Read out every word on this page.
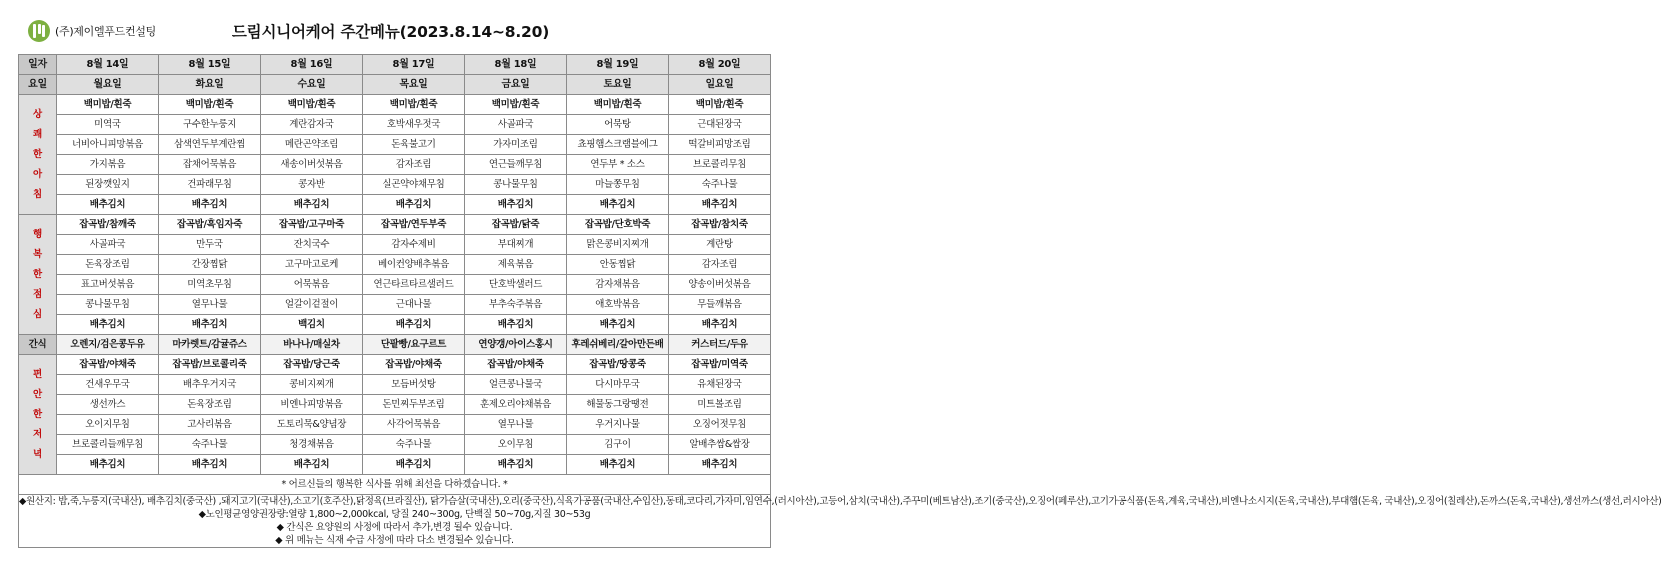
(주)제이엘푸드컨설팅	드림시니어케어 주간메뉴(2023.8.14~8.20)
일자	8월 14일	8월 15일	8월 16일	8월 17일	8월 18일	8월 19일	8월 20일
요일	월요일	화요일	수요일	목요일	금요일	토요일	일요일

상
쾌
한
아
침	백미밥/흰죽	백미밥/흰죽	백미밥/흰죽	백미밥/흰죽	백미밥/흰죽	백미밥/흰죽	백미밥/흰죽
	미역국	구수한누룽지	계란감자국	호박새우젓국	사골파국	어묵탕	근대된장국
	너비아니피망볶음	삼색연두부계란찜	메란곤약조림	돈육불고기	가자미조림	쵸핑햄스크램블에그	떡갈비피망조림
	가지볶음	잡채어묵볶음	새송이버섯볶음	감자조림	연근들깨무침	연두부 * 소스	브로콜리무침
	된장깻잎지	건파래무침	콩자반	실곤약야채무침	콩나물무침	마늘쫑무침	숙주나물
	배추김치	배추김치	배추김치	배추김치	배추김치	배추김치	배추김치

행
복
한
점
심	잡곡밥/참깨죽	잡곡밥/흑임자죽	잡곡밥/고구마죽	잡곡밥/연두부죽	잡곡밥/닭죽	잡곡밥/단호박죽	잡곡밥/참치죽
	사골파국	만두국	잔치국수	감자수제비	부대찌개	맑은콩비지찌개	계란탕
	돈육장조림	간장찜닭	고구마고로케	베이컨양배추볶음	제육볶음	안동찜닭	감자조림
	표고버섯볶음	미역초무침	어묵볶음	연근타르타르샐러드	단호박샐러드	감자채볶음	양송이버섯볶음
	콩나물무침	열무나물	얼갈이겉절이	근대나물	부추숙주볶음	애호박볶음	무들깨볶음
	배추김치	배추김치	백김치	배추김치	배추김치	배추김치	배추김치
간식	오렌지/검은콩두유	마카렛트/감귤쥬스	바나나/매실차	단팥빵/요구르트	연양갱/아이스홍시	후레쉬베리/갈아만든배	커스터드/두유

편
안
한
저
녁	잡곡밥/야채죽	잡곡밥/브로콜리죽	잡곡밥/당근죽	잡곡밥/야채죽	잡곡밥/야채죽	잡곡밥/땅콩죽	잡곡밥/미역죽
	건새우무국	배추우거지국	콩비지찌개	모듬버섯탕	얼큰콩나물국	다시마무국	유채된장국
	생선까스	돈육장조림	비엔나피망볶음	돈민찌두부조림	훈제오리야채볶음	해물동그랑땡전	미트볼조림
	오이지무침	고사리볶음	도토리묵&양념장	사각어묵볶음	열무나물	우거지나물	오징어젓무침
	브로콜리들깨무침	숙주나물	청경채볶음	숙주나물	오이무침	김구이	알배추쌈&쌈장
	배추김치	배추김치	배추김치	배추김치	배추김치	배추김치	배추김치
* 어르신들의 행복한 식사를 위해 최선을 다하겠습니다. *							

◆원산지: 밥,죽,누룽지(국내산), 배추김치(중국산) ,돼지고기(국내산),소고기(호주산),닭정육(브라질산), 닭가슴살(국내산),오리(중국산),식육가공품(국내산,수입산),동태,코다리,가자미,임연수,(러시아산),고등어,삼치(국내산),주꾸미(베트남산),조기(중국산),오징어(페루산),고기가공식품(돈육,계육,국내산),비엔나소시지(돈육,국내산),부대햄(돈육, 국내산),오징어(칠레산),돈까스(돈육,국내산),생선까스(생선,러시아산)
◆노인평균영양권장량:열량 1,800~2,000kcal, 당질 240~300g, 단백질 50~70g,지질 30~53g
◆ 간식은 요양원의 사정에 따라서 추가,변경 될수 있습니다.
◆ 위 메뉴는 식재 수급 사정에 따라 다소 변경될수 있습니다.							
